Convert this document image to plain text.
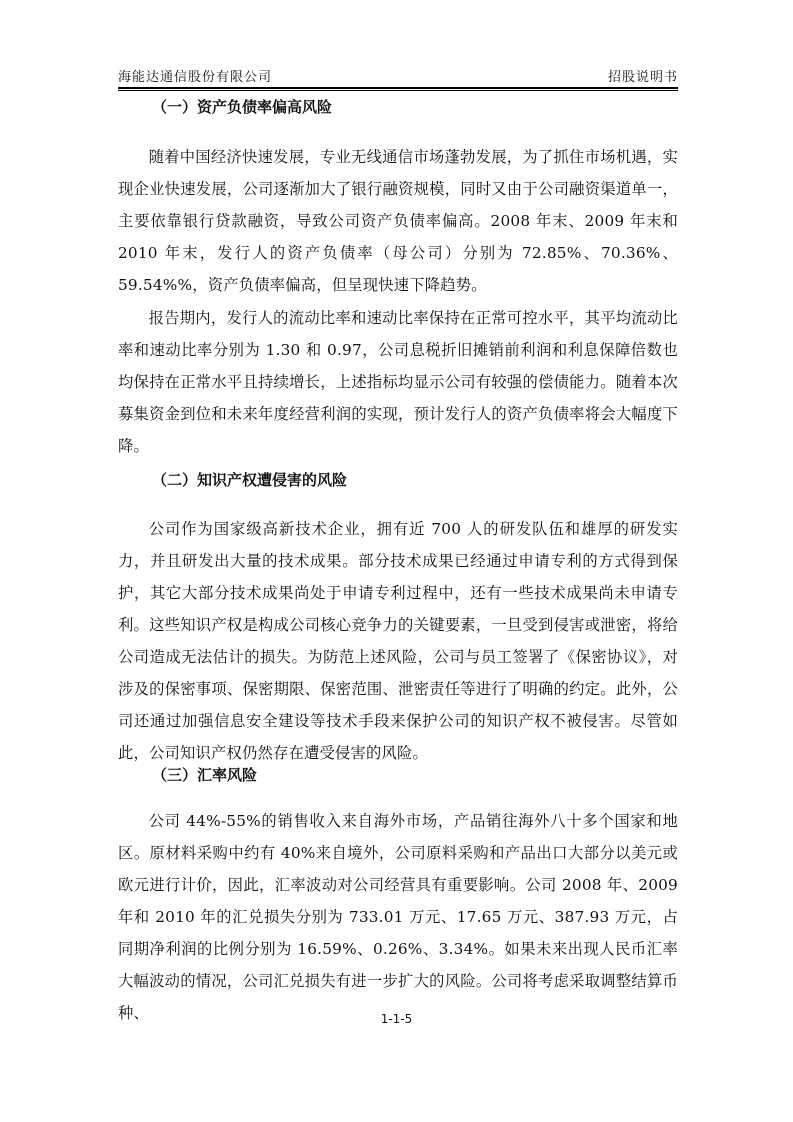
海能达通信股份有限公司	招股说明书
（一）资产负债率偏高风险

随着中国经济快速发展，专业无线通信市场蓬勃发展，为了抓住市场机遇，实现企业快速发展，公司逐渐加大了银行融资规模，同时又由于公司融资渠道单一，主要依靠银行贷款融资，导致公司资产负债率偏高。2008 年末、2009 年末和 2010 年末，发行人的资产负债率（母公司）分别为 72.85%、70.36%、59.54%%，资产负债率偏高，但呈现快速下降趋势。

报告期内，发行人的流动比率和速动比率保持在正常可控水平，其平均流动比率和速动比率分别为 1.30 和 0.97，公司息税折旧摊销前利润和利息保障倍数也均保持在正常水平且持续增长，上述指标均显示公司有较强的偿债能力。随着本次募集资金到位和未来年度经营利润的实现，预计发行人的资产负债率将会大幅度下降。

（二）知识产权遭侵害的风险

公司作为国家级高新技术企业，拥有近 700 人的研发队伍和雄厚的研发实力，并且研发出大量的技术成果。部分技术成果已经通过申请专利的方式得到保护，其它大部分技术成果尚处于申请专利过程中，还有一些技术成果尚未申请专利。这些知识产权是构成公司核心竞争力的关键要素，一旦受到侵害或泄密，将给公司造成无法估计的损失。为防范上述风险，公司与员工签署了《保密协议》，对涉及的保密事项、保密期限、保密范围、泄密责任等进行了明确的约定。此外，公司还通过加强信息安全建设等技术手段来保护公司的知识产权不被侵害。尽管如此，公司知识产权仍然存在遭受侵害的风险。

（三）汇率风险

公司 44%-55%的销售收入来自海外市场，产品销往海外八十多个国家和地区。原材料采购中约有 40%来自境外，公司原料采购和产品出口大部分以美元或欧元进行计价，因此，汇率波动对公司经营具有重要影响。公司 2008 年、2009 年和 2010 年的汇兑损失分别为 733.01 万元、17.65 万元、387.93 万元，占同期净利润的比例分别为 16.59%、0.26%、3.34%。如果未来出现人民币汇率大幅波动的情况，公司汇兑损失有进一步扩大的风险。公司将考虑采取调整结算币种、	1-1-5
